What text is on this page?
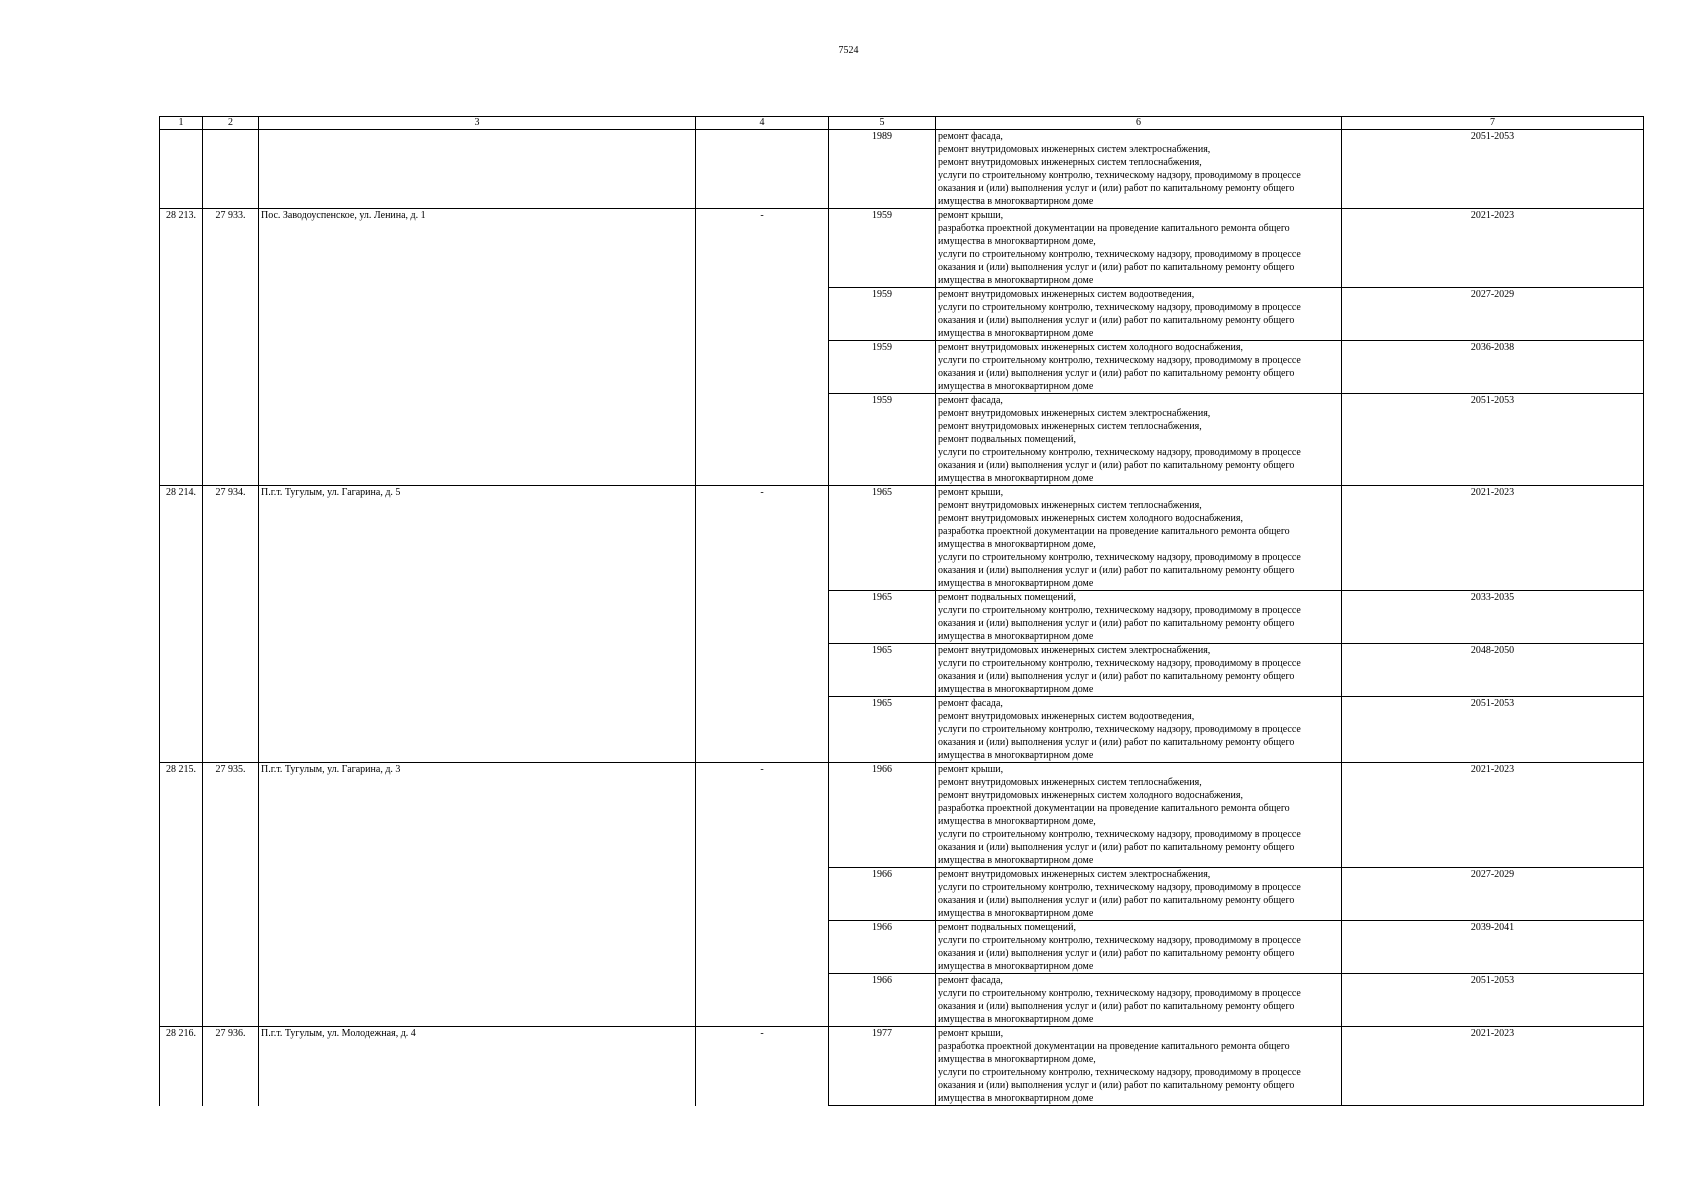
7524
1	2	3	4	5	6	7
				1989	ремонт фасада,
ремонт внутридомовых инженерных систем электроснабжения,
ремонт внутридомовых инженерных систем теплоснабжения,
услуги по строительному контролю, техническому надзору, проводимому в процессе оказания и (или) выполнения услуг и (или) работ по капитальному ремонту общего имущества в многоквартирном доме	2051-2053
28 213.	27 933.	Пос. Заводоуспенское, ул. Ленина, д. 1	-	1959	ремонт крыши,
разработка проектной документации на проведение капитального ремонта общего имущества в многоквартирном доме,
услуги по строительному контролю, техническому надзору, проводимому в процессе оказания и (или) выполнения услуг и (или) работ по капитальному ремонту общего имущества в многоквартирном доме	2021-2023
				1959	ремонт внутридомовых инженерных систем водоотведения,
услуги по строительному контролю, техническому надзору, проводимому в процессе оказания и (или) выполнения услуг и (или) работ по капитальному ремонту общего имущества в многоквартирном доме	2027-2029
				1959	ремонт внутридомовых инженерных систем холодного водоснабжения,
услуги по строительному контролю, техническому надзору, проводимому в процессе оказания и (или) выполнения услуг и (или) работ по капитальному ремонту общего имущества в многоквартирном доме	2036-2038
				1959	ремонт фасада,
ремонт внутридомовых инженерных систем электроснабжения,
ремонт внутридомовых инженерных систем теплоснабжения,
ремонт подвальных помещений,
услуги по строительному контролю, техническому надзору, проводимому в процессе оказания и (или) выполнения услуг и (или) работ по капитальному ремонту общего имущества в многоквартирном доме	2051-2053
28 214.	27 934.	П.г.т. Тугулым, ул. Гагарина, д. 5	-	1965	ремонт крыши,
ремонт внутридомовых инженерных систем теплоснабжения,
ремонт внутридомовых инженерных систем холодного водоснабжения,
разработка проектной документации на проведение капитального ремонта общего имущества в многоквартирном доме,
услуги по строительному контролю, техническому надзору, проводимому в процессе оказания и (или) выполнения услуг и (или) работ по капитальному ремонту общего имущества в многоквартирном доме	2021-2023
				1965	ремонт подвальных помещений,
услуги по строительному контролю, техническому надзору, проводимому в процессе оказания и (или) выполнения услуг и (или) работ по капитальному ремонту общего имущества в многоквартирном доме	2033-2035
				1965	ремонт внутридомовых инженерных систем электроснабжения,
услуги по строительному контролю, техническому надзору, проводимому в процессе оказания и (или) выполнения услуг и (или) работ по капитальному ремонту общего имущества в многоквартирном доме	2048-2050
				1965	ремонт фасада,
ремонт внутридомовых инженерных систем водоотведения,
услуги по строительному контролю, техническому надзору, проводимому в процессе оказания и (или) выполнения услуг и (или) работ по капитальному ремонту общего имущества в многоквартирном доме	2051-2053
28 215.	27 935.	П.г.т. Тугулым, ул. Гагарина, д. 3	-	1966	ремонт крыши,
ремонт внутридомовых инженерных систем теплоснабжения,
ремонт внутридомовых инженерных систем холодного водоснабжения,
разработка проектной документации на проведение капитального ремонта общего имущества в многоквартирном доме,
услуги по строительному контролю, техническому надзору, проводимому в процессе оказания и (или) выполнения услуг и (или) работ по капитальному ремонту общего имущества в многоквартирном доме	2021-2023
				1966	ремонт внутридомовых инженерных систем электроснабжения,
услуги по строительному контролю, техническому надзору, проводимому в процессе оказания и (или) выполнения услуг и (или) работ по капитальному ремонту общего имущества в многоквартирном доме	2027-2029
				1966	ремонт подвальных помещений,
услуги по строительному контролю, техническому надзору, проводимому в процессе оказания и (или) выполнения услуг и (или) работ по капитальному ремонту общего имущества в многоквартирном доме	2039-2041
				1966	ремонт фасада,
услуги по строительному контролю, техническому надзору, проводимому в процессе оказания и (или) выполнения услуг и (или) работ по капитальному ремонту общего имущества в многоквартирном доме	2051-2053
28 216.	27 936.	П.г.т. Тугулым, ул. Молодежная, д. 4	-	1977	ремонт крыши,
разработка проектной документации на проведение капитального ремонта общего имущества в многоквартирном доме,
услуги по строительному контролю, техническому надзору, проводимому в процессе оказания и (или) выполнения услуг и (или) работ по капитальному ремонту общего имущества в многоквартирном доме	2021-2023
